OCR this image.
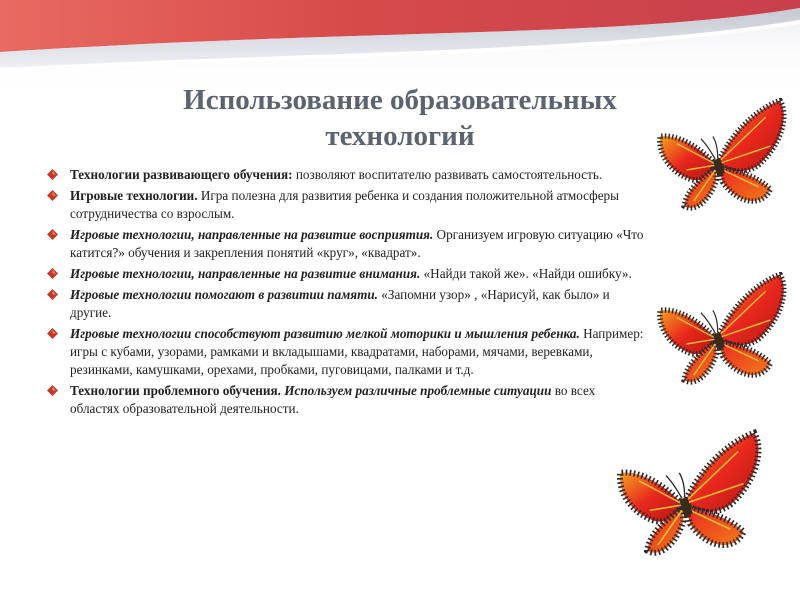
Использование образовательных
технологий
Технологии развивающего обучения: позволяют воспитателю развивать самостоятельность.
Игровые технологии. Игра полезна для развития ребенка и создания положительной атмосферы сотрудничества со взрослым.
Игровые технологии, направленные на развитие восприятия. Организуем игровую ситуацию «Что катится?» обучения и закрепления понятий «круг», «квадрат».
Игровые технологии, направленные на развитие внимания. «Найди такой же». «Найди ошибку».
Игровые технологии помогают в развитии памяти. «Запомни узор» , «Нарисуй, как было» и другие.
Игровые технологии способствуют развитию мелкой моторики и мышления ребенка. Например: игры с кубами, узорами, рамками и вкладышами, квадратами, наборами, мячами, веревками, резинками, камушками, орехами, пробками, пуговицами, палками и т.д.
Технологии проблемного обучения. Используем различные проблемные ситуации во всех областях образовательной деятельности.
